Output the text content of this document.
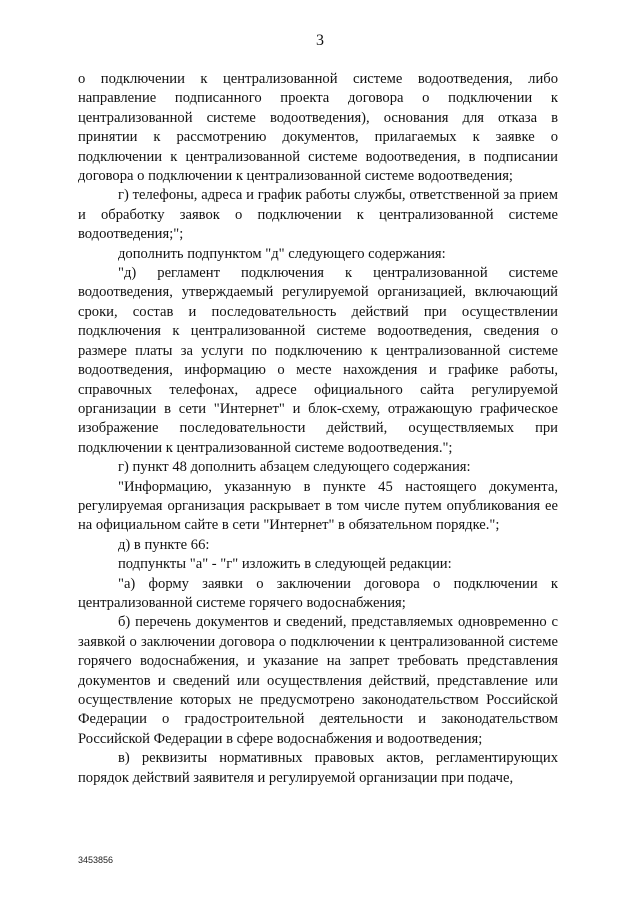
3

о подключении к централизованной системе водоотведения, либо направление подписанного проекта договора о подключении к централизованной системе водоотведения), основания для отказа в принятии к рассмотрению документов, прилагаемых к заявке о подключении к централизованной системе водоотведения, в подписании договора о подключении к централизованной системе водоотведения;

г) телефоны, адреса и график работы службы, ответственной за прием и обработку заявок о подключении к централизованной системе водоотведения;";

дополнить подпунктом "д" следующего содержания:

"д) регламент подключения к централизованной системе водоотведения, утверждаемый регулируемой организацией, включающий сроки, состав и последовательность действий при осуществлении подключения к централизованной системе водоотведения, сведения о размере платы за услуги по подключению к централизованной системе водоотведения, информацию о месте нахождения и графике работы, справочных телефонах, адресе официального сайта регулируемой организации в сети "Интернет" и блок-схему, отражающую графическое изображение последовательности действий, осуществляемых при подключении к централизованной системе водоотведения.";

г) пункт 48 дополнить абзацем следующего содержания:

"Информацию, указанную в пункте 45 настоящего документа, регулируемая организация раскрывает в том числе путем опубликования ее на официальном сайте в сети "Интернет" в обязательном порядке.";

д) в пункте 66:

подпункты "а" - "г" изложить в следующей редакции:

"а) форму заявки о заключении договора о подключении к централизованной системе горячего водоснабжения;

б) перечень документов и сведений, представляемых одновременно с заявкой о заключении договора о подключении к централизованной системе горячего водоснабжения, и указание на запрет требовать представления документов и сведений или осуществления действий, представление или осуществление которых не предусмотрено законодательством Российской Федерации о градостроительной деятельности и законодательством Российской Федерации в сфере водоснабжения и водоотведения;

в) реквизиты нормативных правовых актов, регламентирующих порядок действий заявителя и регулируемой организации при подаче,

3453856
